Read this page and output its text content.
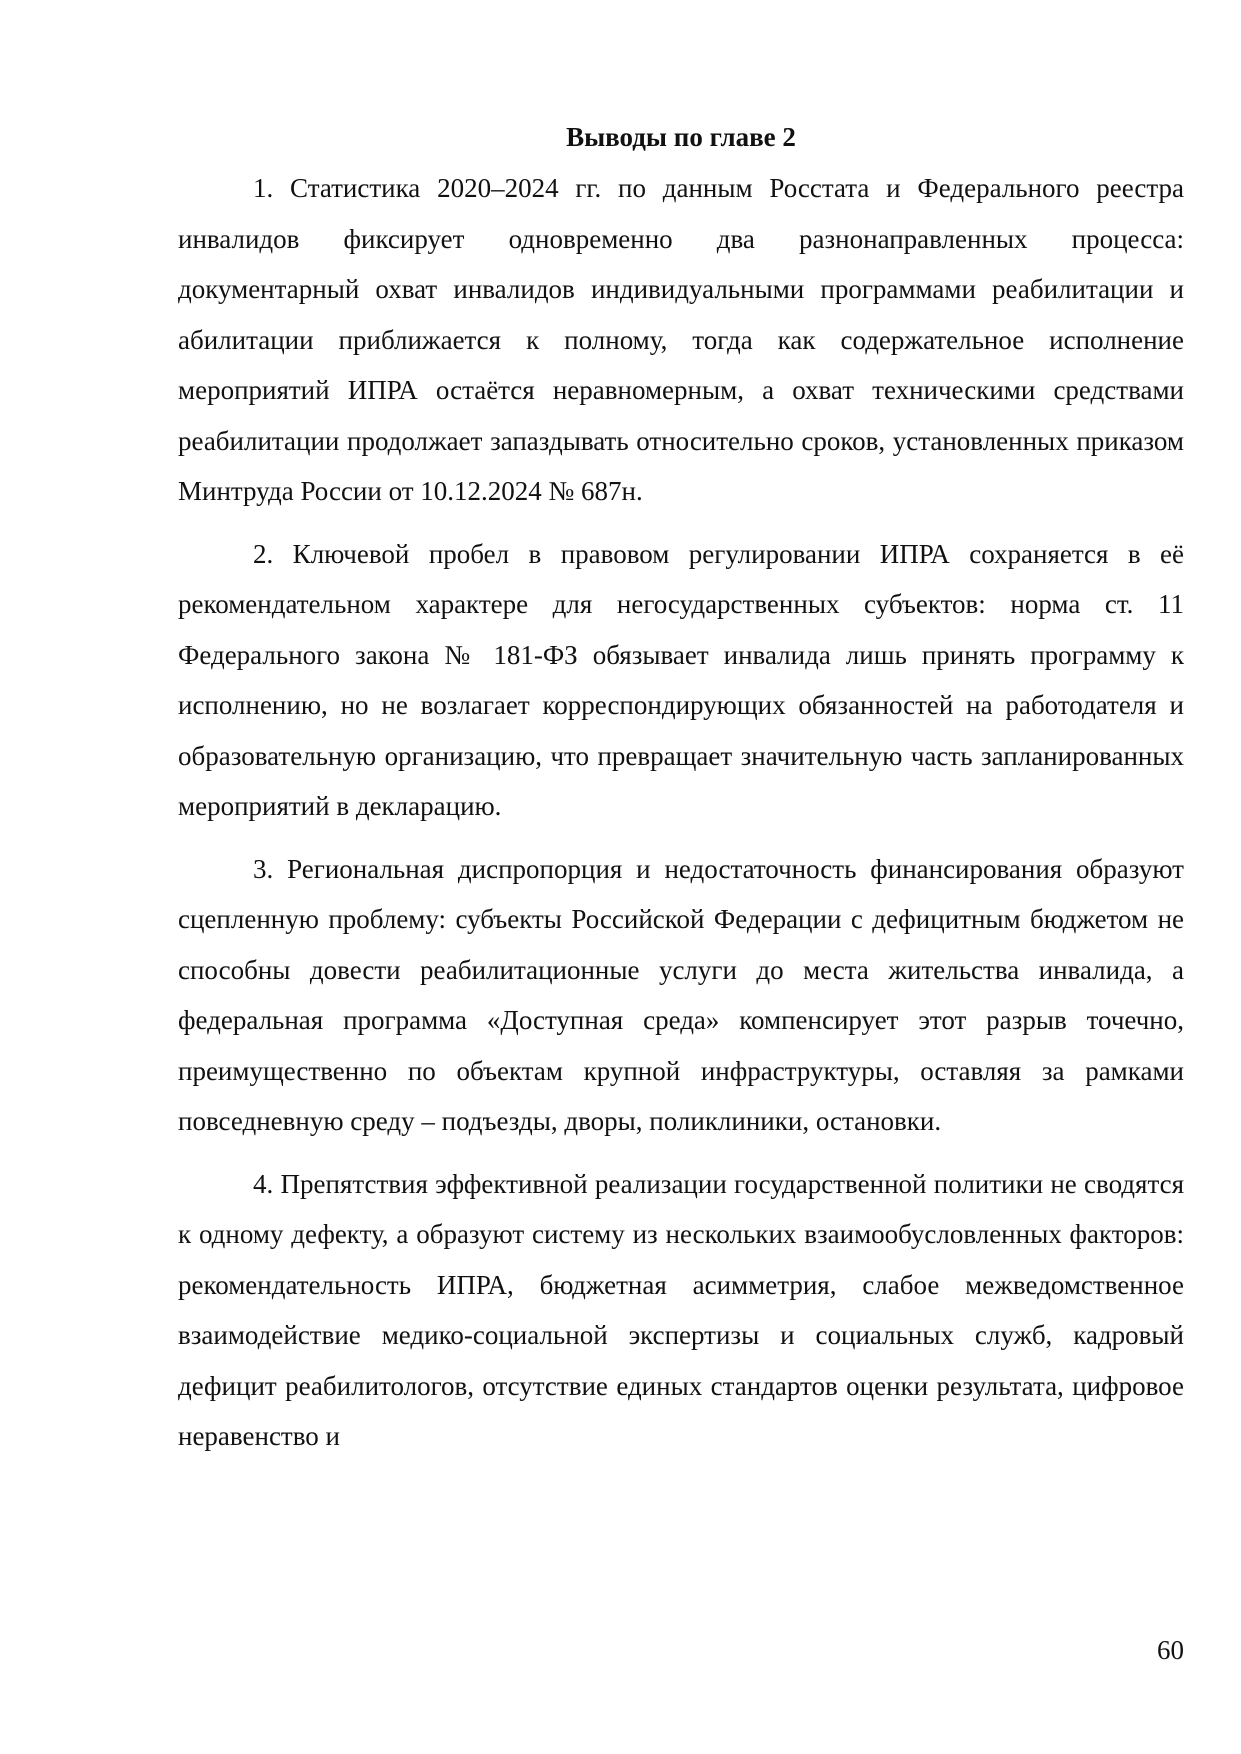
Выводы по главе 2

1. Статистика 2020–2024 гг. по данным Росстата и Федерального реестра инвалидов фиксирует одновременно два разнонаправленных процесса: документарный охват инвалидов индивидуальными программами реабилитации и абилитации приближается к полному, тогда как содержательное исполнение мероприятий ИПРА остаётся неравномерным, а охват техническими средствами реабилитации продолжает запаздывать относительно сроков, установленных приказом Минтруда России от 10.12.2024 № 687н.

2. Ключевой пробел в правовом регулировании ИПРА сохраняется в её рекомендательном характере для негосударственных субъектов: норма ст. 11 Федерального закона № 181-ФЗ обязывает инвалида лишь принять программу к исполнению, но не возлагает корреспондирующих обязанностей на работодателя и образовательную организацию, что превращает значительную часть запланированных мероприятий в декларацию.

3. Региональная диспропорция и недостаточность финансирования образуют сцепленную проблему: субъекты Российской Федерации с дефицитным бюджетом не способны довести реабилитационные услуги до места жительства инвалида, а федеральная программа «Доступная среда» компенсирует этот разрыв точечно, преимущественно по объектам крупной инфраструктуры, оставляя за рамками повседневную среду – подъезды, дворы, поликлиники, остановки.

4. Препятствия эффективной реализации государственной политики не сводятся к одному дефекту, а образуют систему из нескольких взаимообусловленных факторов: рекомендательность ИПРА, бюджетная асимметрия, слабое межведомственное взаимодействие медико-социальной экспертизы и социальных служб, кадровый дефицит реабилитологов, отсутствие единых стандартов оценки результата, цифровое неравенство и

60
